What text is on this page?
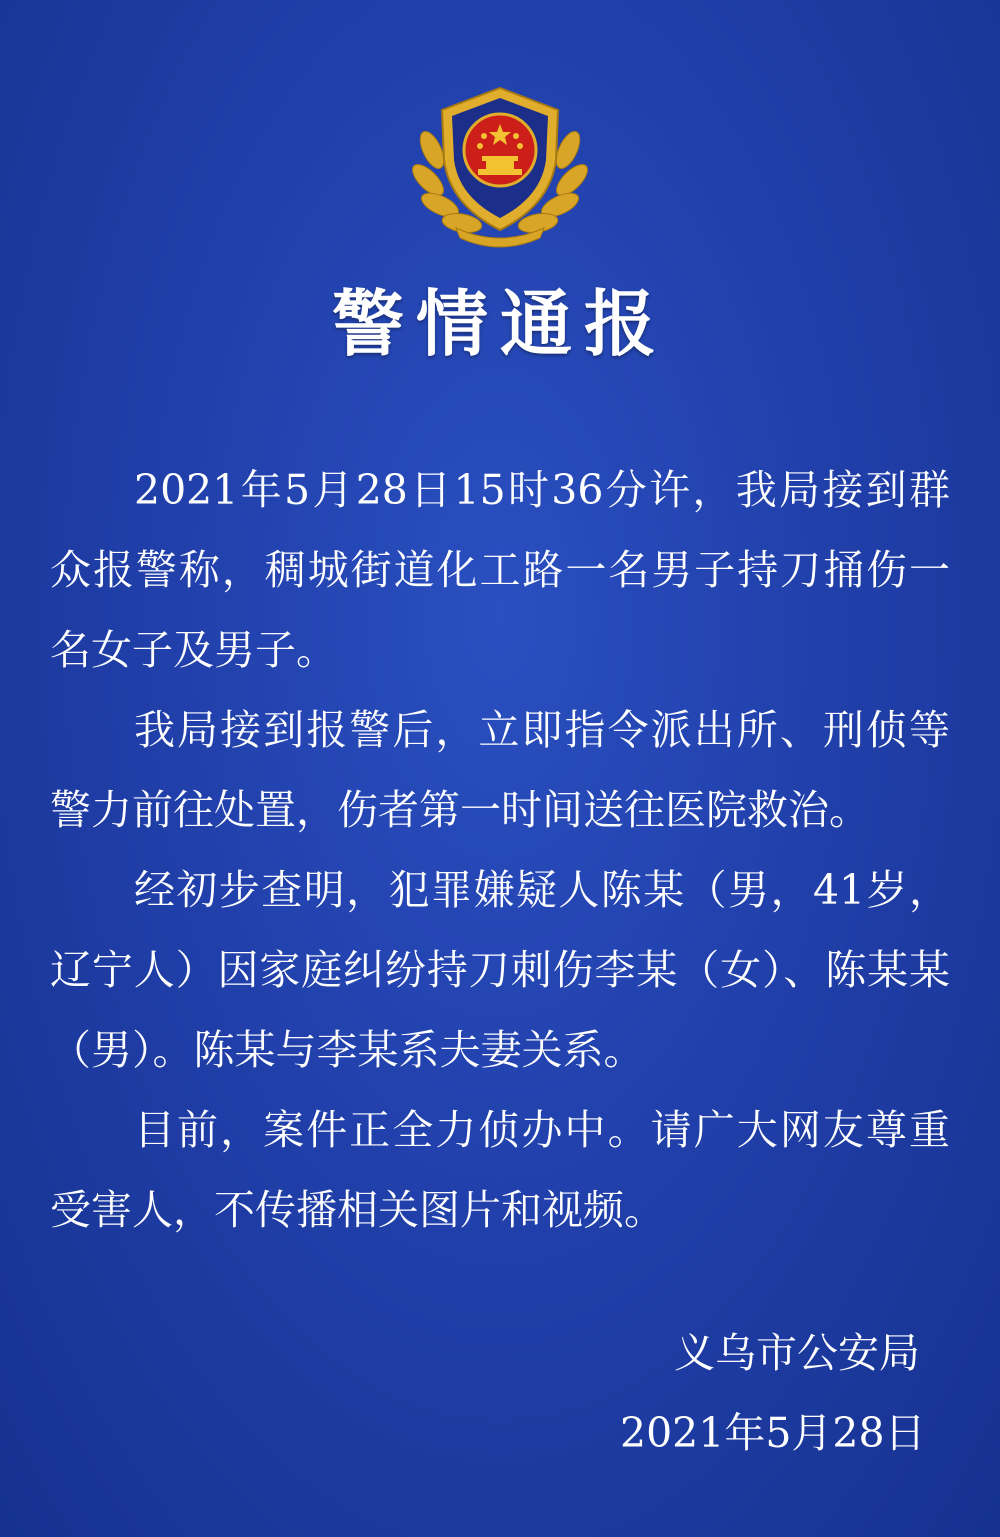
警情通报

2021年5月28日15时36分许，我局接到群众报警称，稠城街道化工路一名男子持刀捅伤一名女子及男子。

我局接到报警后，立即指令派出所、刑侦等警力前往处置，伤者第一时间送往医院救治。

经初步查明，犯罪嫌疑人陈某（男，41岁，辽宁人）因家庭纠纷持刀刺伤李某（女）、陈某某（男）。陈某与李某系夫妻关系。

目前，案件正全力侦办中。请广大网友尊重受害人，不传播相关图片和视频。

义乌市公安局
2021年5月28日
